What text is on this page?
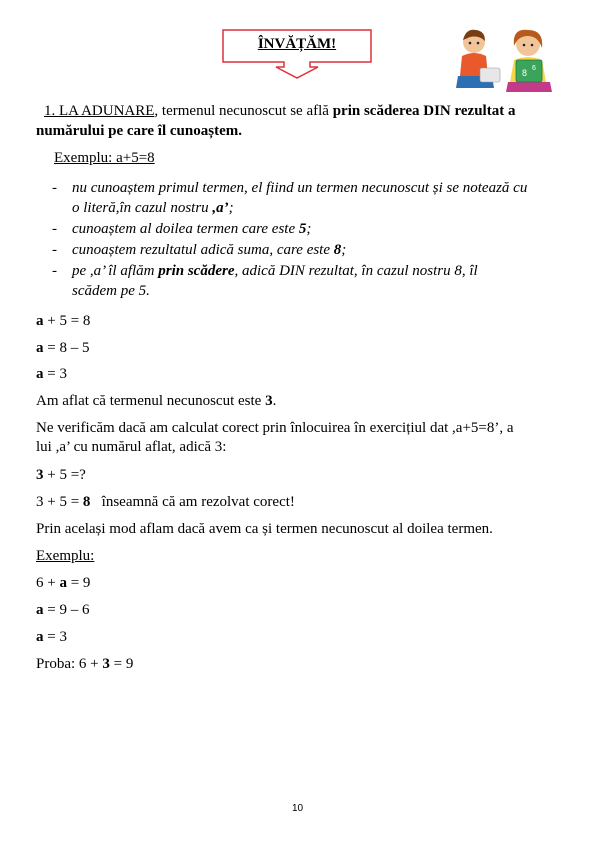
ÎNVĂȚĂM!
8 6
1. LA ADUNARE, termenul necunoscut se află prin scăderea DIN rezultat a
numărului pe care îl cunoaștem.
Exemplu: a+5=8
- nu cunoaștem primul termen, el fiind un termen necunoscut și se notează cu
o literă,în cazul nostru ,a’;
- cunoaștem al doilea termen care este 5;
- cunoaștem rezultatul adică suma, care este 8;
- pe ,a’ îl aflăm prin scădere, adică DIN rezultat, în cazul nostru 8, îl
scădem pe 5.
a + 5 = 8
a = 8 – 5
a = 3
Am aflat că termenul necunoscut este 3.
Ne verificăm dacă am calculat corect prin înlocuirea în exercițiul dat ,a+5=8’, a
lui ,a’ cu numărul aflat, adică 3:
3 + 5 =?
3 + 5 = 8   înseamnă că am rezolvat corect!
Prin același mod aflam dacă avem ca și termen necunoscut al doilea termen.
Exemplu:
6 + a = 9
a = 9 – 6
a = 3
Proba: 6 + 3 = 9
10
